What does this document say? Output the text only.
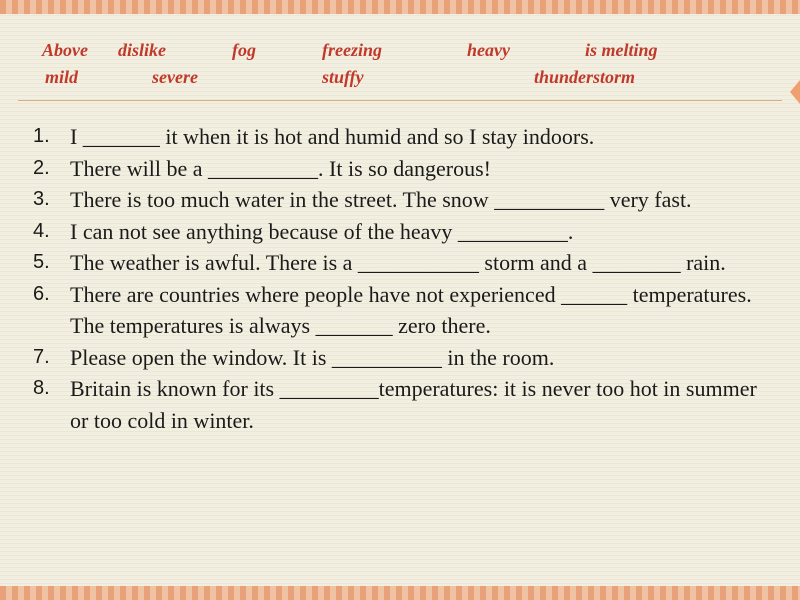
Above dislike	fog	freezing	heavy	is melting
mild	severe	stuffy	thunderstorm
1. I _______ it when it is hot and humid and so I stay indoors.
2. There will be a __________. It is so dangerous!
3. There is too much water in the street. The snow __________ very fast.
4. I can not see anything because of the heavy __________.
5. The weather is awful. There is a ___________ storm and a ________ rain.
6. There are countries where people have not experienced ______ temperatures. The temperatures is always _______ zero there.
7. Please open the window. It is __________ in the room.
8. Britain is known for its _________temperatures: it is never too hot in summer or too cold in winter.
